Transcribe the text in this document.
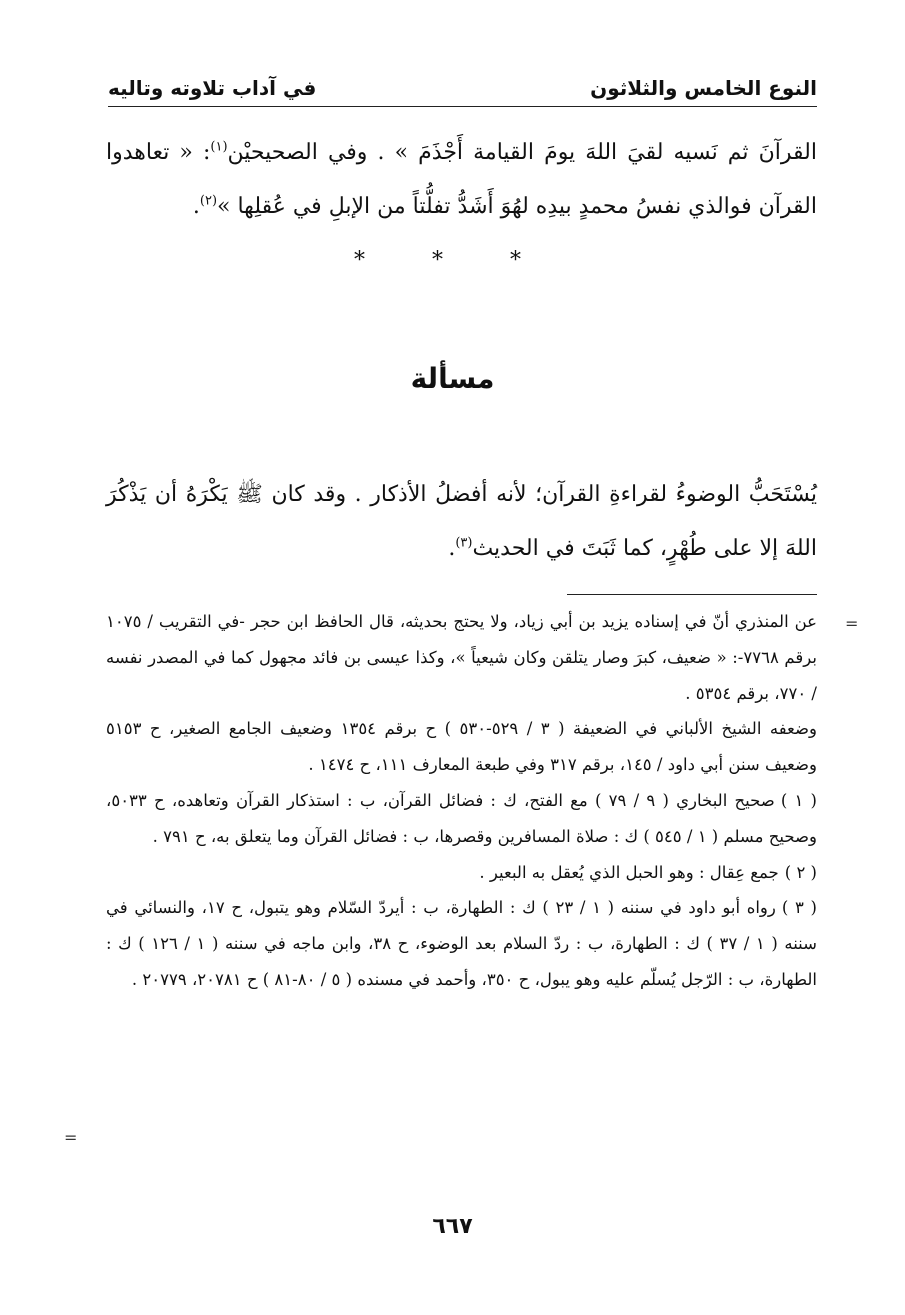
النوع الخامس والثلاثون
في آداب تلاوته وتاليه
القرآنَ ثم نَسيه لقيَ اللهَ يومَ القيامة أَجْذَمَ » . وفي الصحيحيْن$^{(١)}$: « تعاهدوا القرآن فوالذي نفسُ محمدٍ بيدِه لهُوَ أَشَدُّ تفلُّتاً من الإبلِ في عُقلِها »$^{(٢)}$.
* * *
مسألة
يُسْتَحَبُّ الوضوءُ لقراءةِ القرآن؛ لأنه أفضلُ الأذكار . وقد كان ﷺ يَكْرَهُ أن يَذْكُرَ اللهَ إلا على طُهْرٍ، كما ثَبَتَ في الحديث$^{(٣)}$.

عن المنذري أنّ في إسناده يزيد بن أبي زياد، ولا يحتج بحديثه، قال الحافظ ابن حجر -في التقريب / ١٠٧٥ برقم ٧٧٦٨-: « ضعيف، كبرَ وصار يتلقن وكان شيعياً »، وكذا عيسى بن فائد مجهول كما في المصدر نفسه / ٧٧٠، برقم ٥٣٥٤ .

وضعفه الشيخ الألباني في الضعيفة ( ٣ / ٥٢٩-٥٣٠ ) ح برقم ١٣٥٤ وضعيف الجامع الصغير، ح ٥١٥٣ وضعيف سنن أبي داود / ١٤٥، برقم ٣١٧ وفي طبعة المعارف ١١١، ح ١٤٧٤ .

( ١ )صحيح البخاري ( ٩ / ٧٩ ) مع الفتح، ك : فضائل القرآن، ب : استذكار القرآن وتعاهده، ح ٥٠٣٣، وصحيح مسلم ( ١ / ٥٤٥ ) ك : صلاة المسافرين وقصرها، ب : فضائل القرآن وما يتعلق به، ح ٧٩١ .

( ٢ )جمع عِقال : وهو الحبل الذي يُعقل به البعير .

( ٣ )رواه أبو داود في سننه ( ١ / ٢٣ ) ك : الطهارة، ب : أيردّ السّلام وهو يتبول، ح ١٧، والنسائي في سننه ( ١ / ٣٧ ) ك : الطهارة، ب : ردّ السلام بعد الوضوء، ح ٣٨، وابن ماجه في سننه ( ١ / ١٢٦ ) ك : الطهارة، ب : الرّجل يُسلّم عليه وهو يبول، ح ٣٥٠، وأحمد في مسنده ( ٥ / ٨٠-٨١ ) ح ٢٠٧٨١، ٢٠٧٧٩ .

=
=
٦٦٧
